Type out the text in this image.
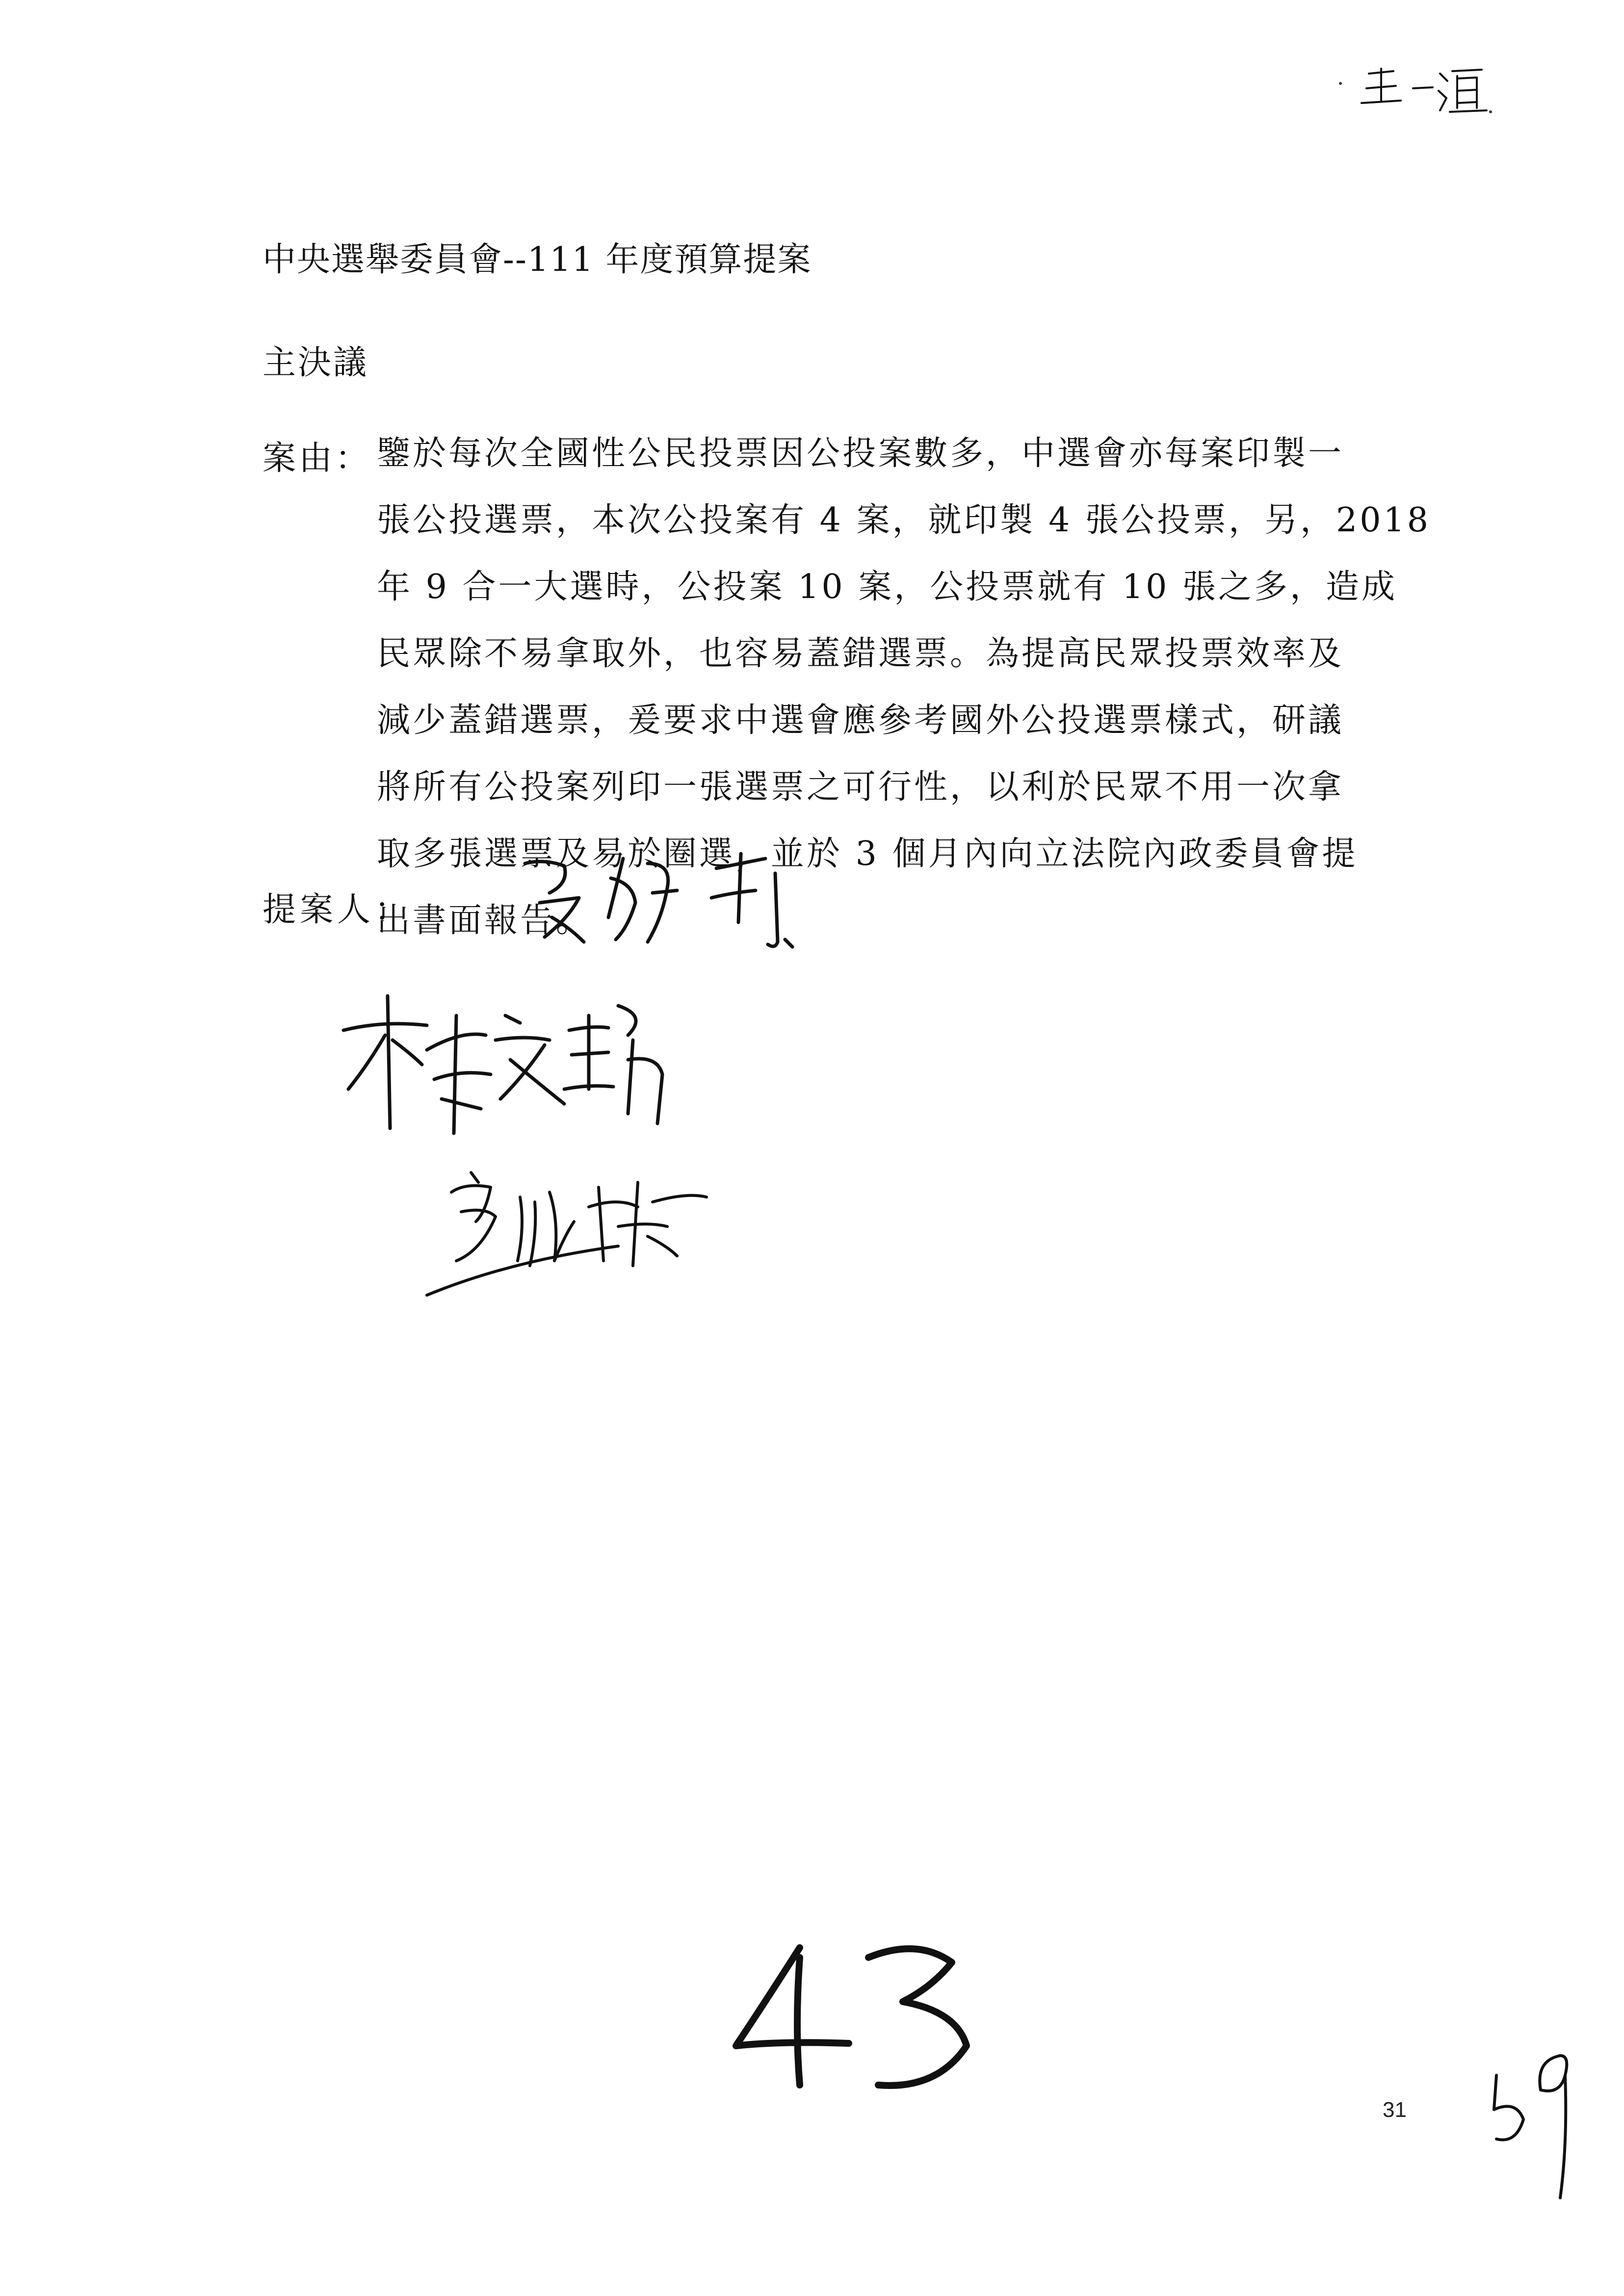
中央選舉委員會--111 年度預算提案
主決議
案由： 鑒於每次全國性公民投票因公投案數多，中選會亦每案印製一
張公投選票，本次公投案有 4 案，就印製 4 張公投票，另，2018
年 9 合一大選時，公投案 10 案，公投票就有 10 張之多，造成
民眾除不易拿取外，也容易蓋錯選票。為提高民眾投票效率及
減少蓋錯選票，爰要求中選會應參考國外公投選票樣式，研議
將所有公投案列印一張選票之可行性，以利於民眾不用一次拿
取多張選票及易於圈選，並於 3 個月內向立法院內政委員會提
出書面報告。
提案人：
31
